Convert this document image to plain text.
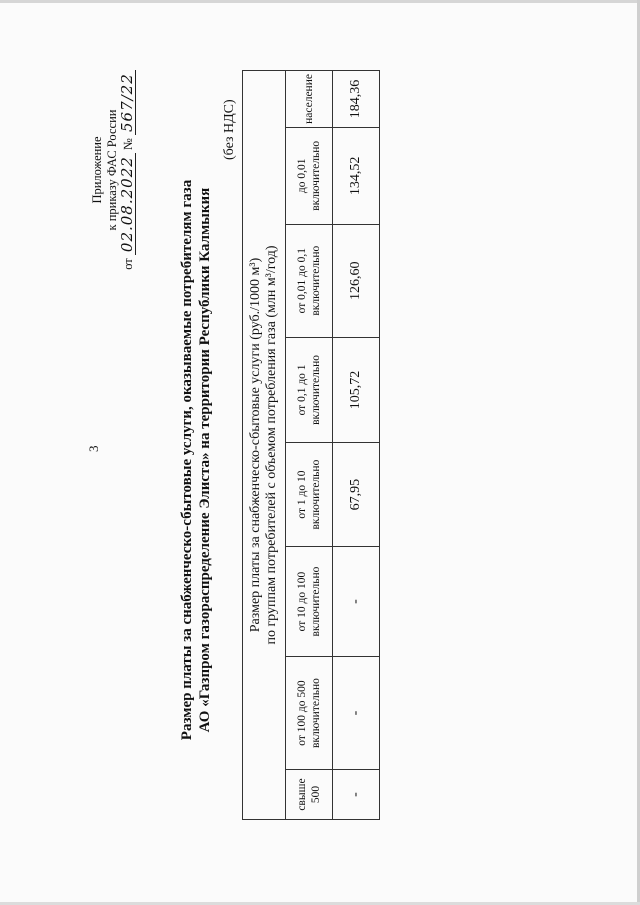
3
Приложение к приказу ФАС России
от 02.08.2022 № 567/22
Размер платы за снабженческо-сбытовые услуги, оказываемые потребителям газа АО «Газпром газораспределение Элиста» на территории Республики Калмыкия
(без НДС)
Размер платы за снабженческо-сбытовые услуги (руб./1000 м³) по группам потребителей с объемом потребления газа (млн м³/год)							

свыше 500	от 100 до 500 включительно	от 10 до 100 включительно	от 1 до 10 включительно	от 0,1 до 1 включительно	от 0,01 до 0,1 включительно	до 0,01 включительно	население
-	-	-	67,95	105,72	126,60	134,52	184,36
